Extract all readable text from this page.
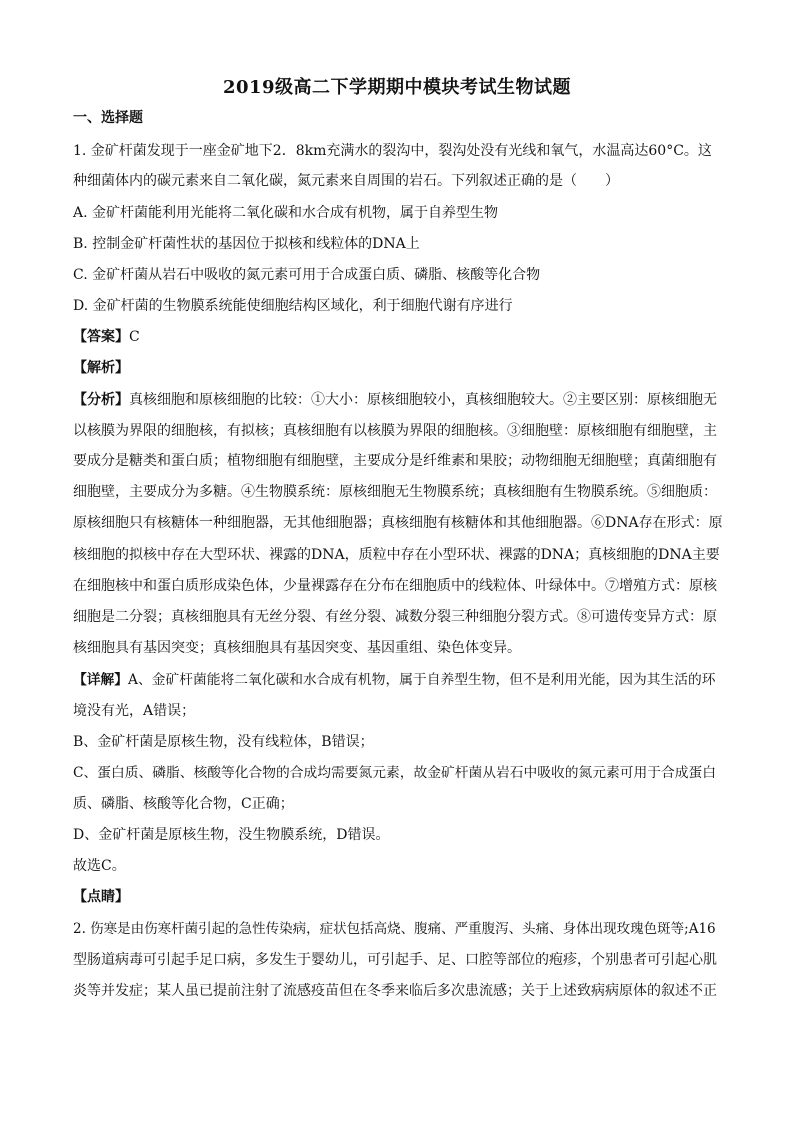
2019级高二下学期期中模块考试生物试题
一、选择题
1. 金矿杆菌发现于一座金矿地下2．8km充满水的裂沟中，裂沟处没有光线和氧气，水温高达60°C。这
种细菌体内的碳元素来自二氧化碳，氮元素来自周围的岩石。下列叙述正确的是（　　）
A. 金矿杆菌能利用光能将二氧化碳和水合成有机物，属于自养型生物
B. 控制金矿杆菌性状的基因位于拟核和线粒体的DNA上
C. 金矿杆菌从岩石中吸收的氮元素可用于合成蛋白质、磷脂、核酸等化合物
D. 金矿杆菌的生物膜系统能使细胞结构区域化，利于细胞代谢有序进行
【答案】C
【解析】
【分析】真核细胞和原核细胞的比较：①大小：原核细胞较小，真核细胞较大。②主要区别：原核细胞无
以核膜为界限的细胞核，有拟核；真核细胞有以核膜为界限的细胞核。③细胞壁：原核细胞有细胞壁，主
要成分是糖类和蛋白质；植物细胞有细胞壁，主要成分是纤维素和果胶；动物细胞无细胞壁；真菌细胞有
细胞壁，主要成分为多糖。④生物膜系统：原核细胞无生物膜系统；真核细胞有生物膜系统。⑤细胞质：
原核细胞只有核糖体一种细胞器，无其他细胞器；真核细胞有核糖体和其他细胞器。⑥DNA存在形式：原
核细胞的拟核中存在大型环状、裸露的DNA，质粒中存在小型环状、裸露的DNA；真核细胞的DNA主要
在细胞核中和蛋白质形成染色体，少量裸露存在分布在细胞质中的线粒体、叶绿体中。⑦增殖方式：原核
细胞是二分裂；真核细胞具有无丝分裂、有丝分裂、减数分裂三种细胞分裂方式。⑧可遗传变异方式：原
核细胞具有基因突变；真核细胞具有基因突变、基因重组、染色体变异。
【详解】A、金矿杆菌能将二氧化碳和水合成有机物，属于自养型生物，但不是利用光能，因为其生活的环
境没有光，A错误；
B、金矿杆菌是原核生物，没有线粒体，B错误；
C、蛋白质、磷脂、核酸等化合物的合成均需要氮元素，故金矿杆菌从岩石中吸收的氮元素可用于合成蛋白
质、磷脂、核酸等化合物，C正确；
D、金矿杆菌是原核生物，没生物膜系统，D错误。
故选C。
【点睛】
2. 伤寒是由伤寒杆菌引起的急性传染病，症状包括高烧、腹痛、严重腹泻、头痛、身体出现玫瑰色斑等;A16
型肠道病毒可引起手足口病，多发生于婴幼儿，可引起手、足、口腔等部位的疱疹，个别患者可引起心肌
炎等并发症；某人虽已提前注射了流感疫苗但在冬季来临后多次患流感；关于上述致病病原体的叙述不正
